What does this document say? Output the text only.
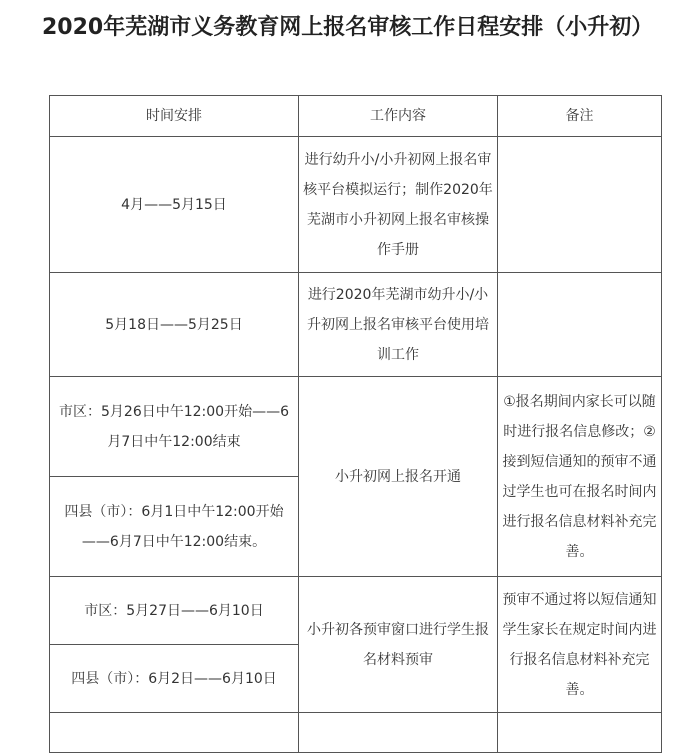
2020年芜湖市义务教育网上报名审核工作日程安排（小升初）
时间安排	工作内容	备注
4月——5月15日	进行幼升小/小升初网上报名审核平台模拟运行；制作2020年芜湖市小升初网上报名审核操作手册	
5月18日——5月25日	进行2020年芜湖市幼升小/小升初网上报名审核平台使用培训工作	
市区：5月26日中午12:00开始——6月7日中午12:00结束	小升初网上报名开通	①报名期间内家长可以随时进行报名信息修改；②接到短信通知的预审不通过学生也可在报名时间内进行报名信息材料补充完善。
四县（市）：6月1日中午12:00开始——6月7日中午12:00结束。		
市区：5月27日——6月10日	小升初各预审窗口进行学生报名材料预审	预审不通过将以短信通知学生家长在规定时间内进行报名信息材料补充完善。
四县（市）：6月2日——6月10日		
